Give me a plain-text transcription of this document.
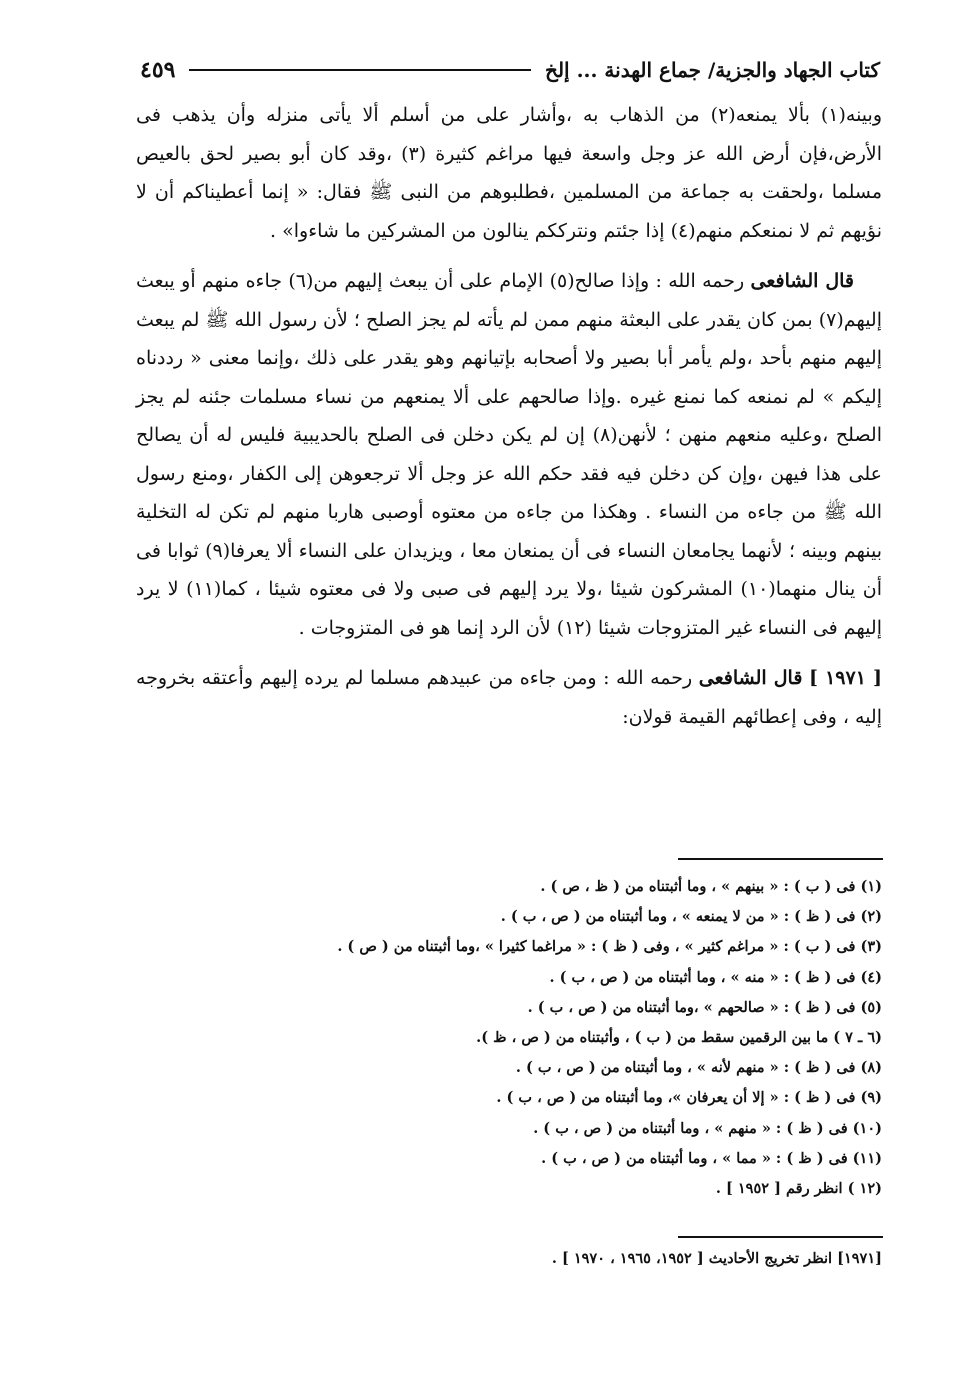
كتاب الجهاد والجزية/ جماع الهدنة ... إلخ
٤٥٩

وبينه(١) بألا يمنعه(٢) من الذهاب به ،وأشار على من أسلم ألا يأتى منزله وأن يذهب فى الأرض،فإن أرض الله عز وجل واسعة فيها مراغم كثيرة (٣) ،وقد كان أبو بصير لحق بالعيص مسلما ،ولحقت به جماعة من المسلمين ،فطلبوهم من النبى ﷺ فقال: « إنما أعطيناكم أن لا نؤيهم ثم لا نمنعكم منهم(٤) إذا جئتم ونترككم ينالون من المشركين ما شاءوا» .

قال الشافعى رحمه الله : وإذا صالح(٥) الإمام على أن يبعث إليهم من(٦) جاءه منهم أو يبعث إليهم(٧) بمن كان يقدر على البعثة منهم ممن لم يأته لم يجز الصلح ؛ لأن رسول الله ﷺ لم يبعث إليهم منهم بأحد ،ولم يأمر أبا بصير ولا أصحابه بإتيانهم وهو يقدر على ذلك ،وإنما معنى « رددناه إليكم » لم نمنعه كما نمنع غيره .وإذا صالحهم على ألا يمنعهم من نساء مسلمات جئنه لم يجز الصلح ،وعليه منعهم منهن ؛ لأنهن(٨) إن لم يكن دخلن فى الصلح بالحديبية فليس له أن يصالح على هذا فيهن ،وإن كن دخلن فيه فقد حكم الله عز وجل ألا ترجعوهن إلى الكفار ،ومنع رسول الله ﷺ من جاءه من النساء . وهكذا من جاءه من معتوه أوصبى هاربا منهم لم تكن له التخلية بينهم وبينه ؛ لأنهما يجامعان النساء فى أن يمنعان معا ، ويزيدان على النساء ألا يعرفا(٩) ثوابا فى أن ينال منهما(١٠) المشركون شيئا ،ولا يرد إليهم فى صبى ولا فى معتوه شيئا ، كما(١١) لا يرد إليهم فى النساء غير المتزوجات شيئا (١٢) لأن الرد إنما هو فى المتزوجات .

[ ١٩٧١ ] قال الشافعى رحمه الله : ومن جاءه من عبيدهم مسلما لم يرده إليهم وأعتقه بخروجه إليه ، وفى إعطائهم القيمة قولان:

(١) فى ( ب ) : « بينهم » ، وما أثبتناه من ( ظ ، ص ) .
(٢) فى ( ظ ) : « من لا يمنعه » ، وما أثبتناه من ( ص ، ب ) .
(٣) فى ( ب ) : « مراغم كثير » ، وفى ( ظ ) : « مراغما كثيرا » ،وما أثبتناه من ( ص ) .
(٤) فى ( ظ ) : « منه » ، وما أثبتناه من ( ص ، ب ) .
(٥) فى ( ظ ) : « صالحهم » ،وما أثبتناه من ( ص ، ب ) .
(٦ ـ ٧ ) ما بين الرقمين سقط من ( ب ) ، وأثبتناه من ( ص ، ظ ).
(٨) فى ( ظ ) : « منهم لأنه » ، وما أثبتناه من ( ص ، ب ) .
(٩) فى ( ظ ) : « إلا أن يعرفان »، وما أثبتناه من ( ص ، ب ) .
(١٠) فى ( ظ ) : « منهم » ، وما أثبتناه من ( ص ، ب ) .
(١١) فى ( ظ ) : « مما » ، وما أثبتناه من ( ص ، ب ) .
(١٢ ) انظر رقم [ ١٩٥٢ ] .
[١٩٧١] انظر تخريج الأحاديث [ ١٩٥٢، ١٩٦٥ ، ١٩٧٠ ] .
